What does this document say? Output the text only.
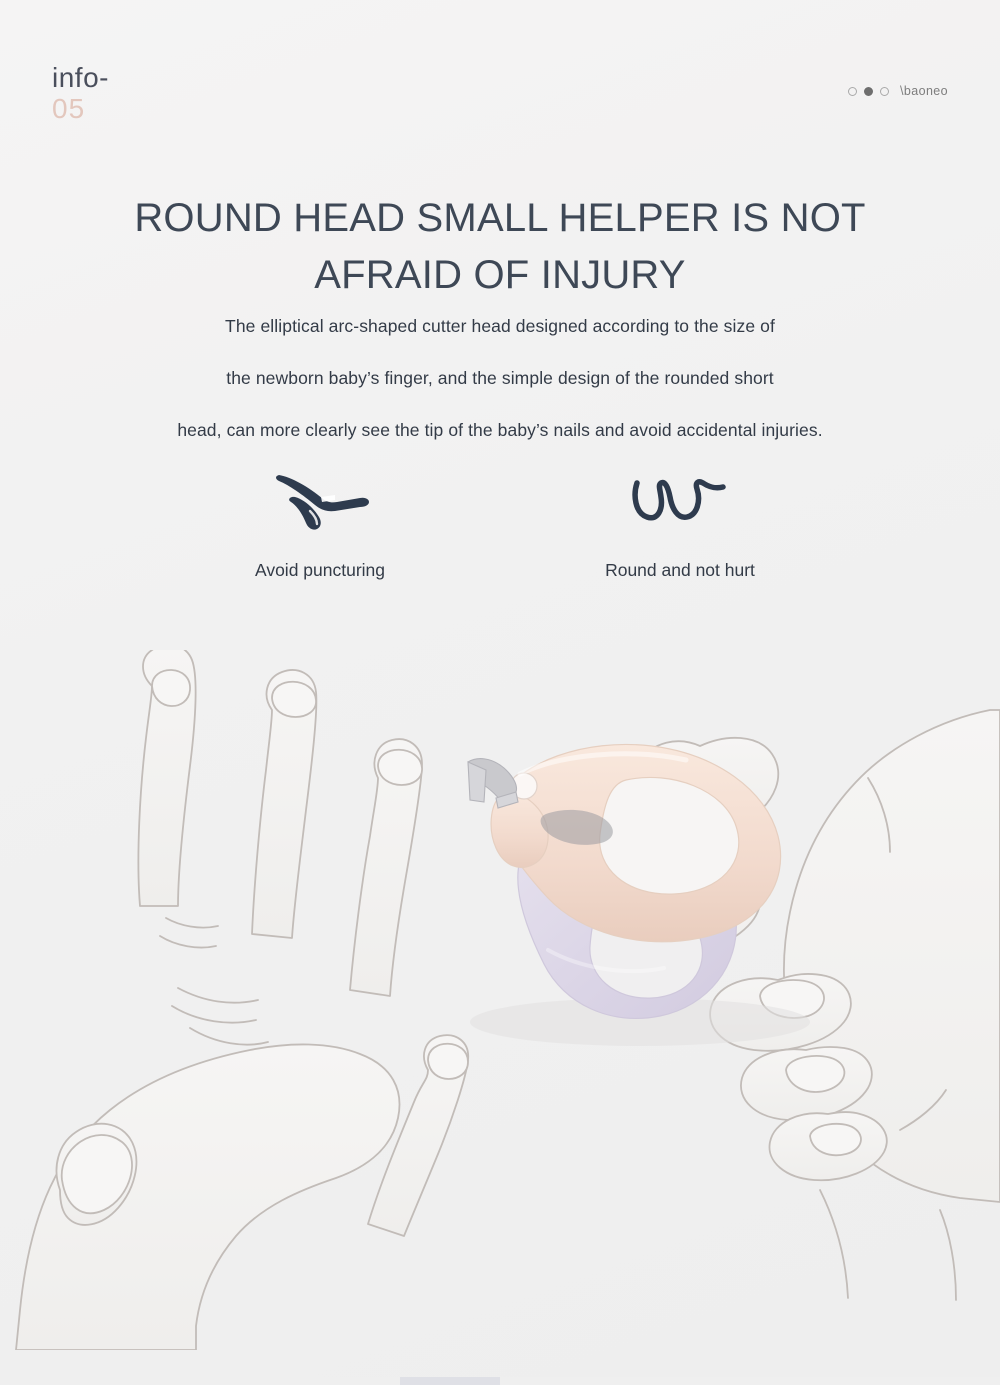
info-
05
\baoneo
ROUND HEAD SMALL HELPER IS NOT AFRAID OF INJURY

The elliptical arc-shaped cutter head designed according to the size of

the newborn baby’s finger, and the simple design of the rounded short

head, can more clearly see the tip of the baby’s nails and avoid accidental injuries.

Avoid puncturing	Round and not hurt
